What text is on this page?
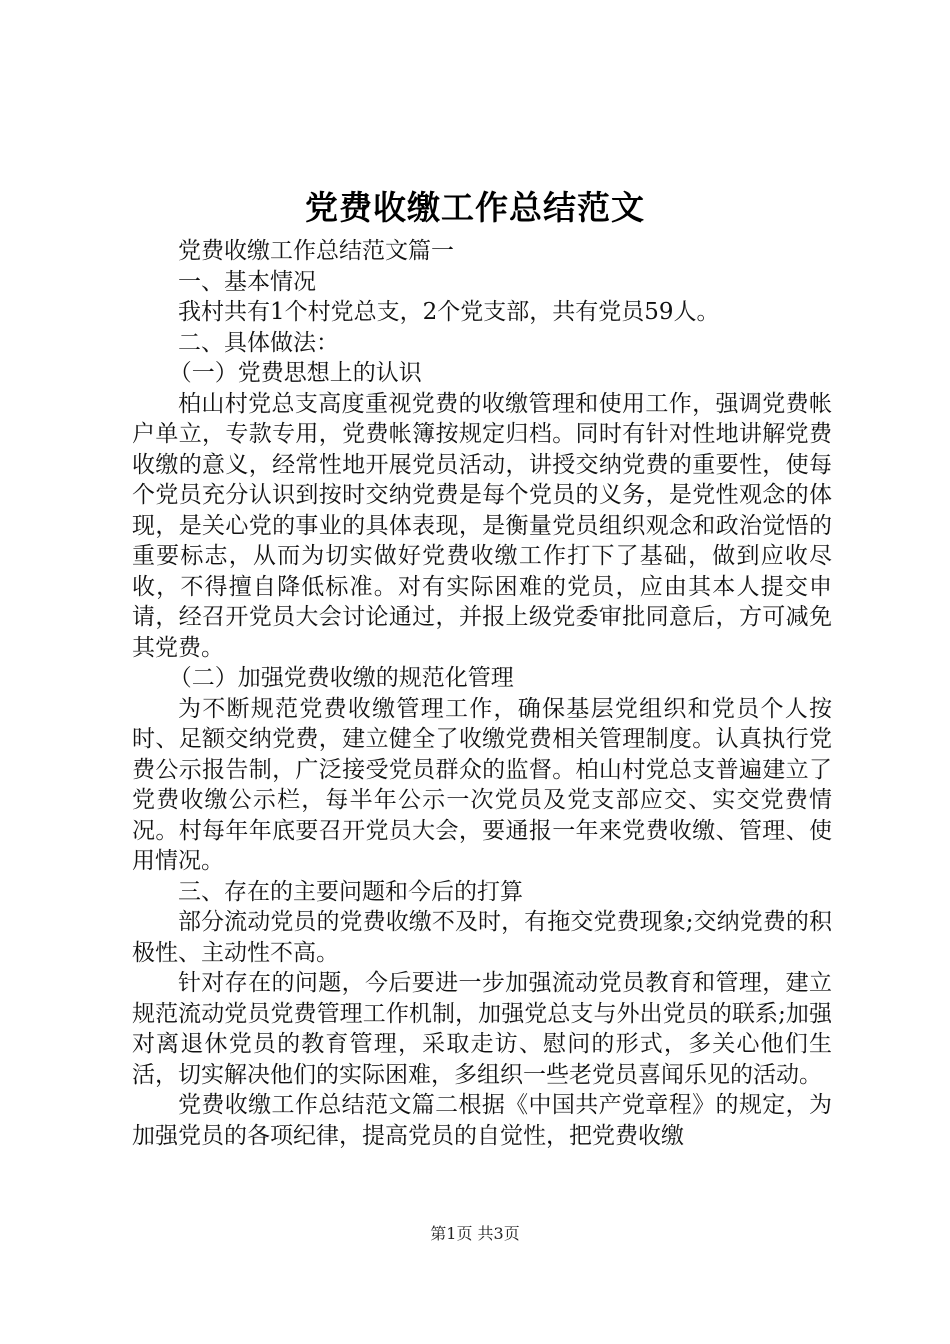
党费收缴工作总结范文

党费收缴工作总结范文篇一

一、基本情况

我村共有1个村党总支，2个党支部，共有党员59人。

二、具体做法：

（一）党费思想上的认识

柏山村党总支高度重视党费的收缴管理和使用工作，强调党费帐户单立，专款专用，党费帐簿按规定归档。同时有针对性地讲解党费收缴的意义，经常性地开展党员活动，讲授交纳党费的重要性，使每个党员充分认识到按时交纳党费是每个党员的义务，是党性观念的体现，是关心党的事业的具体表现，是衡量党员组织观念和政治觉悟的重要标志，从而为切实做好党费收缴工作打下了基础，做到应收尽收，不得擅自降低标准。对有实际困难的党员，应由其本人提交申请，经召开党员大会讨论通过，并报上级党委审批同意后，方可减免其党费。

（二）加强党费收缴的规范化管理

为不断规范党费收缴管理工作，确保基层党组织和党员个人按时、足额交纳党费，建立健全了收缴党费相关管理制度。认真执行党费公示报告制，广泛接受党员群众的监督。柏山村党总支普遍建立了党费收缴公示栏，每半年公示一次党员及党支部应交、实交党费情况。村每年年底要召开党员大会，要通报一年来党费收缴、管理、使用情况。

三、存在的主要问题和今后的打算

部分流动党员的党费收缴不及时，有拖交党费现象;交纳党费的积极性、主动性不高。

针对存在的问题，今后要进一步加强流动党员教育和管理，建立规范流动党员党费管理工作机制，加强党总支与外出党员的联系;加强对离退休党员的教育管理，采取走访、慰问的形式，多关心他们生活，切实解决他们的实际困难，多组织一些老党员喜闻乐见的活动。

党费收缴工作总结范文篇二根据《中国共产党章程》的规定，为加强党员的各项纪律，提高党员的自觉性，把党费收缴

第1页 共3页
